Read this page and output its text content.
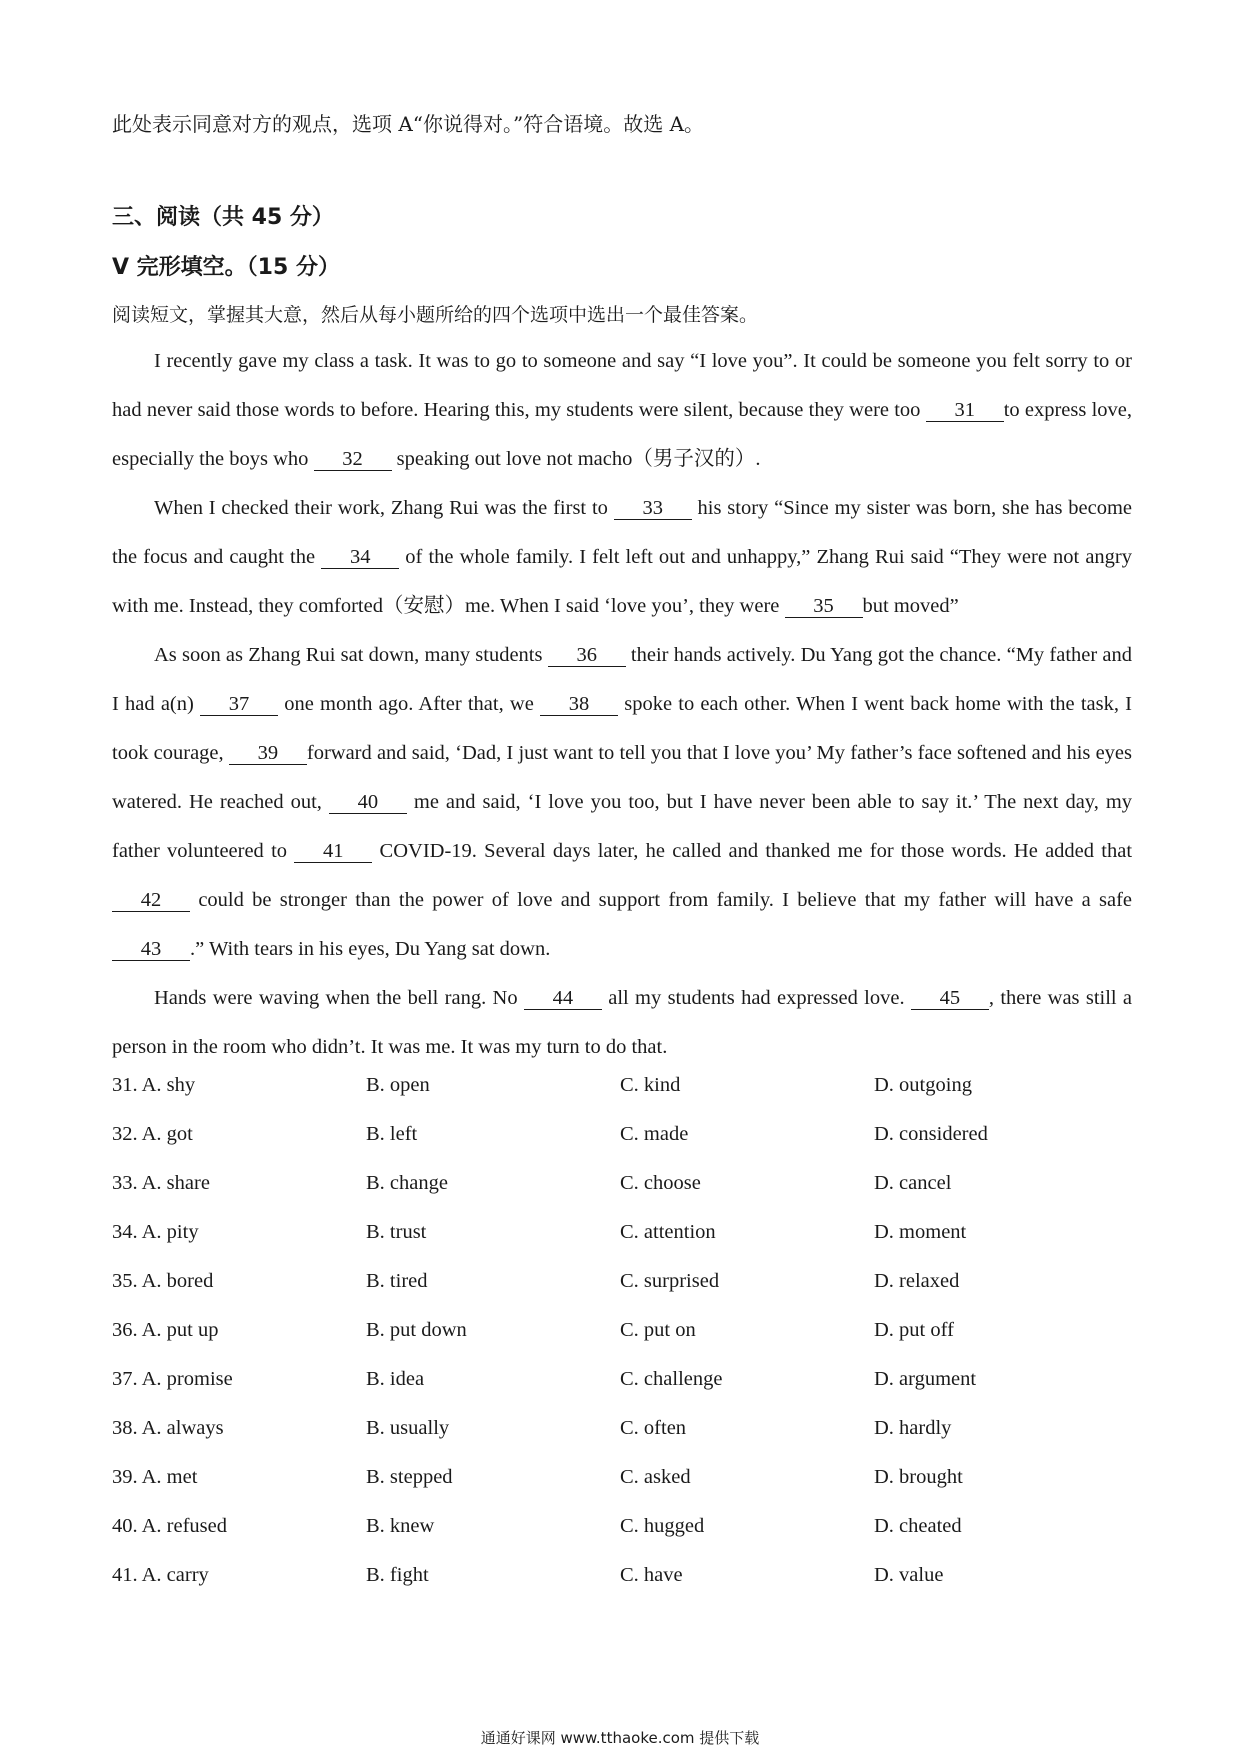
此处表示同意对方的观点，选项 A“你说得对。”符合语境。故选 A。
三、阅读（共 45 分）
V 完形填空。（15 分）
阅读短文，掌握其大意，然后从每小题所给的四个选项中选出一个最佳答案。
I recently gave my class a task. It was to go to someone and say “I love you”. It could be someone you felt sorry to or had never said those words to before. Hearing this, my students were silent, because they were too 31 to express love, especially the boys who 32 speaking out love not macho（男子汉的）.
When I checked their work, Zhang Rui was the first to 33 his story “Since my sister was born, she has become the focus and caught the 34 of the whole family. I felt left out and unhappy,” Zhang Rui said “They were not angry with me. Instead, they comforted（安慰）me. When I said ‘love you’, they were 35 but moved”
As soon as Zhang Rui sat down, many students 36 their hands actively. Du Yang got the chance. “My father and I had a(n) 37 one month ago. After that, we 38 spoke to each other. When I went back home with the task, I took courage, 39 forward and said, ‘Dad, I just want to tell you that I love you’ My father’s face softened and his eyes watered. He reached out, 40 me and said, ‘I love you too, but I have never been able to say it.’ The next day, my father volunteered to 41 COVID-19. Several days later, he called and thanked me for those words. He added that 42 could be stronger than the power of love and support from family. I believe that my father will have a safe 43 .” With tears in his eyes, Du Yang sat down.
Hands were waving when the bell rang. No 44 all my students had expressed love. 45 , there was still a person in the room who didn’t. It was me. It was my turn to do that.
31. A. shy	B. open	C. kind	D. outgoing
32. A. got	B. left	C. made	D. considered
33. A. share	B. change	C. choose	D. cancel
34. A. pity	B. trust	C. attention	D. moment
35. A. bored	B. tired	C. surprised	D. relaxed
36. A. put up	B. put down	C. put on	D. put off
37. A. promise	B. idea	C. challenge	D. argument
38. A. always	B. usually	C. often	D. hardly
39. A. met	B. stepped	C. asked	D. brought
40. A. refused	B. knew	C. hugged	D. cheated
41. A. carry	B. fight	C. have	D. value
通通好课网 www.tthaoke.com 提供下载
